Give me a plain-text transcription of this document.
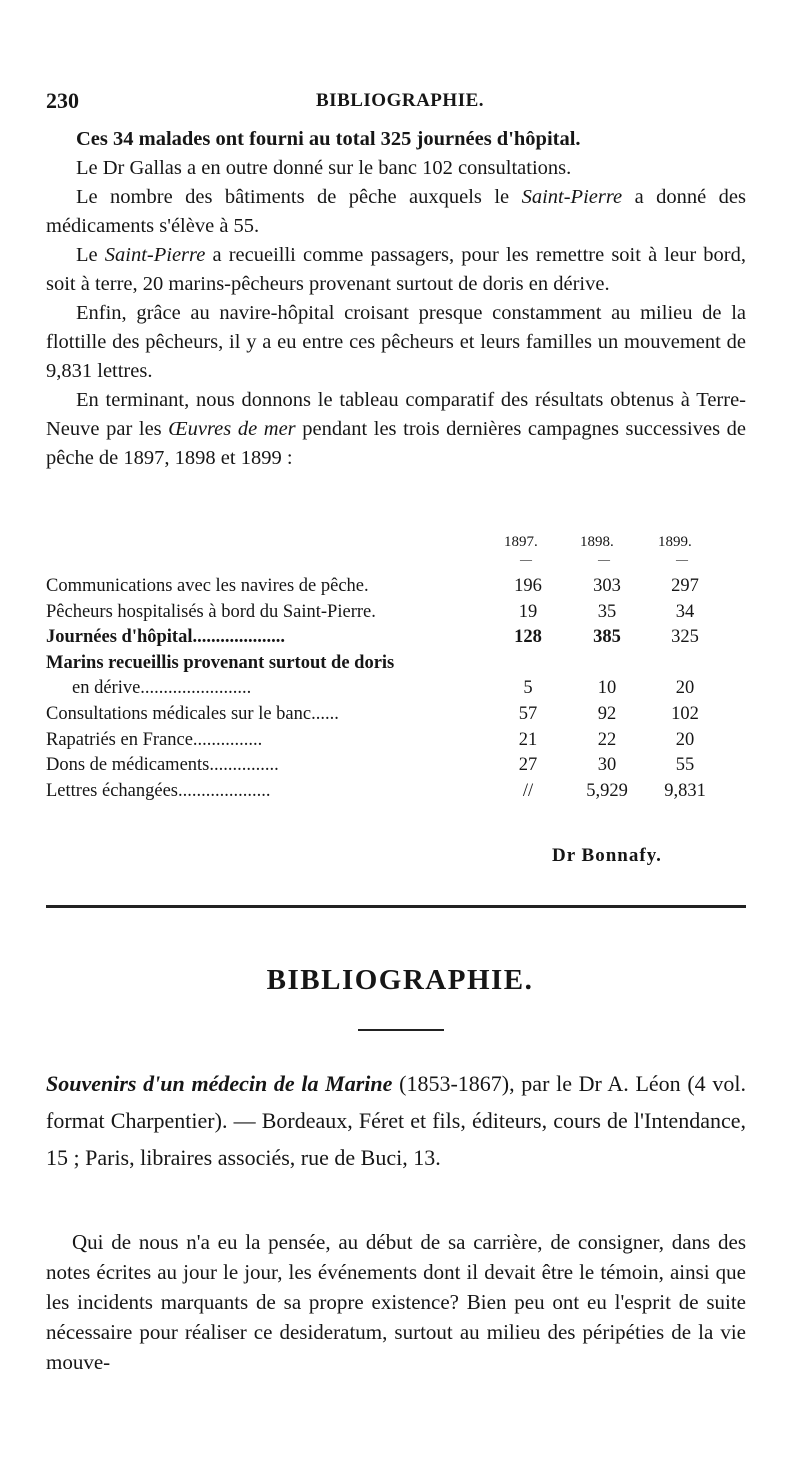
230	BIBLIOGRAPHIE.

Ces 34 malades ont fourni au total 325 journées d'hôpital.

Le Dr Gallas a en outre donné sur le banc 102 consultations.

Le nombre des bâtiments de pêche auxquels le Saint-Pierre a donné des médicaments s'élève à 55.

Le Saint-Pierre a recueilli comme passagers, pour les remettre soit à leur bord, soit à terre, 20 marins-pêcheurs provenant surtout de doris en dérive.

Enfin, grâce au navire-hôpital croisant presque constamment au milieu de la flottille des pêcheurs, il y a eu entre ces pêcheurs et leurs familles un mouvement de 9,831 lettres.

En terminant, nous donnons le tableau comparatif des résultats obtenus à Terre-Neuve par les Œuvres de mer pendant les trois dernières campagnes successives de pêche de 1897, 1898 et 1899 :

1897.	1898.	1899.
—	—	—
Communications avec les navires de pêche.	196	303	297
Pêcheurs hospitalisés à bord du Saint-Pierre.	19	35	34
Journées d'hôpital....................	128	385	325
Marins recueillis provenant surtout de doris
en dérive........................	5	10	20
Consultations médicales sur le banc......	57	92	102
Rapatriés en France...............	21	22	20
Dons de médicaments...............	27	30	55
Lettres échangées....................	//	5,929	9,831
Dr Bonnafy.
BIBLIOGRAPHIE.

Souvenirs d'un médecin de la Marine (1853-1867), par le Dr A. Léon (4 vol. format Charpentier). — Bordeaux, Féret et fils, éditeurs, cours de l'Intendance, 15 ; Paris, libraires associés, rue de Buci, 13.

Qui de nous n'a eu la pensée, au début de sa carrière, de consigner, dans des notes écrites au jour le jour, les événements dont il devait être le témoin, ainsi que les incidents marquants de sa propre existence? Bien peu ont eu l'esprit de suite nécessaire pour réaliser ce desideratum, surtout au milieu des péripéties de la vie mouve-
